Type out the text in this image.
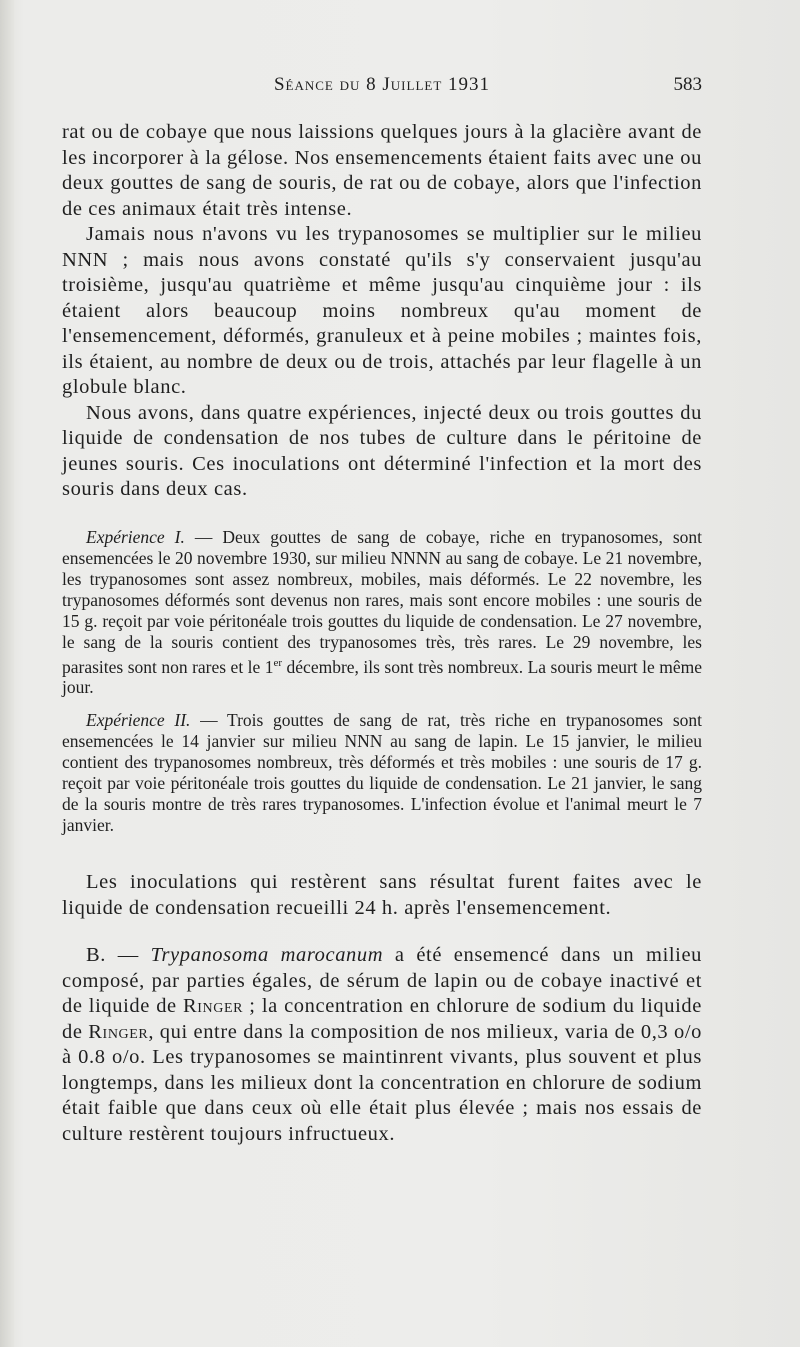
Séance du 8 Juillet 1931	583

rat ou de cobaye que nous laissions quelques jours à la glacière avant de les incorporer à la gélose. Nos ensemencements étaient faits avec une ou deux gouttes de sang de souris, de rat ou de cobaye, alors que l'infection de ces animaux était très intense.

Jamais nous n'avons vu les trypanosomes se multiplier sur le milieu NNN ; mais nous avons constaté qu'ils s'y conservaient jusqu'au troisième, jusqu'au quatrième et même jusqu'au cinquième jour : ils étaient alors beaucoup moins nombreux qu'au moment de l'ensemencement, déformés, granuleux et à peine mobiles ; maintes fois, ils étaient, au nombre de deux ou de trois, attachés par leur flagelle à un globule blanc.

Nous avons, dans quatre expériences, injecté deux ou trois gouttes du liquide de condensation de nos tubes de culture dans le péritoine de jeunes souris. Ces inoculations ont déterminé l'infection et la mort des souris dans deux cas.

Expérience I. — Deux gouttes de sang de cobaye, riche en trypanosomes, sont ensemencées le 20 novembre 1930, sur milieu NNNN au sang de cobaye. Le 21 novembre, les trypanosomes sont assez nombreux, mobiles, mais déformés. Le 22 novembre, les trypanosomes déformés sont devenus non rares, mais sont encore mobiles : une souris de 15 g. reçoit par voie péritonéale trois gouttes du liquide de condensation. Le 27 novembre, le sang de la souris contient des trypanosomes très, très rares. Le 29 novembre, les parasites sont non rares et le 1er décembre, ils sont très nombreux. La souris meurt le même jour.

Expérience II. — Trois gouttes de sang de rat, très riche en trypanosomes sont ensemencées le 14 janvier sur milieu NNN au sang de lapin. Le 15 janvier, le milieu contient des trypanosomes nombreux, très déformés et très mobiles : une souris de 17 g. reçoit par voie péritonéale trois gouttes du liquide de condensation. Le 21 janvier, le sang de la souris montre de très rares trypanosomes. L'infection évolue et l'animal meurt le 7 janvier.

Les inoculations qui restèrent sans résultat furent faites avec le liquide de condensation recueilli 24 h. après l'ensemencement.

B. — Trypanosoma marocanum a été ensemencé dans un milieu composé, par parties égales, de sérum de lapin ou de cobaye inactivé et de liquide de Ringer ; la concentration en chlorure de sodium du liquide de Ringer, qui entre dans la composition de nos milieux, varia de 0,3 o/o à 0.8 o/o. Les trypanosomes se maintinrent vivants, plus souvent et plus longtemps, dans les milieux dont la concentration en chlorure de sodium était faible que dans ceux où elle était plus élevée ; mais nos essais de culture restèrent toujours infructueux.
